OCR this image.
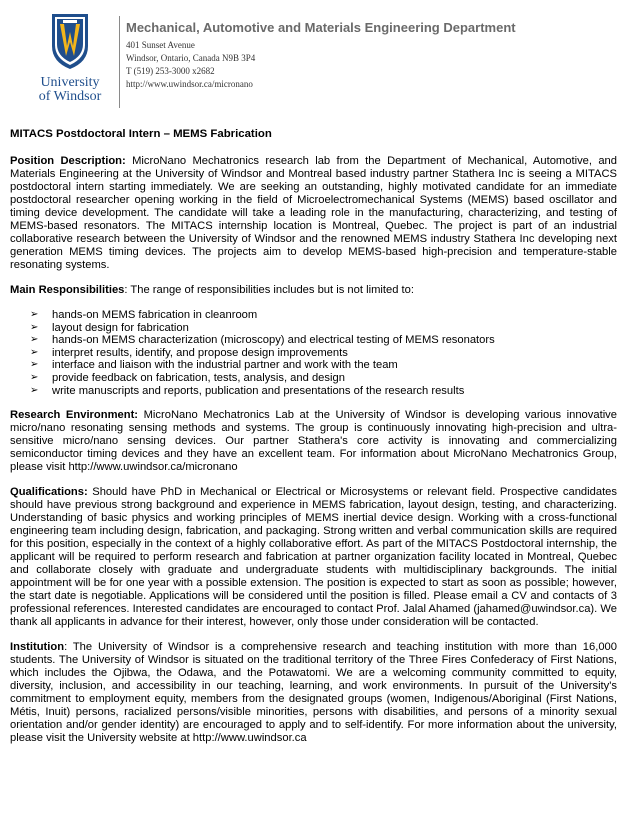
University
of Windsor
Mechanical, Automotive and Materials Engineering Department
401 Sunset Avenue
Windsor, Ontario, Canada N9B 3P4
T (519) 253-3000 x2682
http://www.uwindsor.ca/micronano

MITACS Postdoctoral Intern – MEMS Fabrication

Position Description: MicroNano Mechatronics research lab from the Department of Mechanical, Automotive, and Materials Engineering at the University of Windsor and Montreal based industry partner Stathera Inc is seeing a MITACS postdoctoral intern starting immediately. We are seeking an outstanding, highly motivated candidate for an immediate postdoctoral researcher opening working in the field of Microelectromechanical Systems (MEMS) based oscillator and timing device development. The candidate will take a leading role in the manufacturing, characterizing, and testing of MEMS-based resonators. The MITACS internship location is Montreal, Quebec. The project is part of an industrial collaborative research between the University of Windsor and the renowned MEMS industry Stathera Inc developing next generation MEMS timing devices. The projects aim to develop MEMS-based high-precision and temperature-stable resonating systems.

Main Responsibilities: The range of responsibilities includes but is not limited to:

➢ hands-on MEMS fabrication in cleanroom
➢ layout design for fabrication
➢ hands-on MEMS characterization (microscopy) and electrical testing of MEMS resonators
➢ interpret results, identify, and propose design improvements
➢ interface and liaison with the industrial partner and work with the team
➢ provide feedback on fabrication, tests, analysis, and design
➢ write manuscripts and reports, publication and presentations of the research results

Research Environment: MicroNano Mechatronics Lab at the University of Windsor is developing various innovative micro/nano resonating sensing methods and systems. The group is continuously innovating high-precision and ultra-sensitive micro/nano sensing devices. Our partner Stathera's core activity is innovating and commercializing semiconductor timing devices and they have an excellent team. For information about MicroNano Mechatronics Group, please visit http://www.uwindsor.ca/micronano

Qualifications: Should have PhD in Mechanical or Electrical or Microsystems or relevant field. Prospective candidates should have previous strong background and experience in MEMS fabrication, layout design, testing, and characterizing. Understanding of basic physics and working principles of MEMS inertial device design. Working with a cross-functional engineering team including design, fabrication, and packaging. Strong written and verbal communication skills are required for this position, especially in the context of a highly collaborative effort. As part of the MITACS Postdoctoral internship, the applicant will be required to perform research and fabrication at partner organization facility located in Montreal, Quebec and collaborate closely with graduate and undergraduate students with multidisciplinary backgrounds. The initial appointment will be for one year with a possible extension. The position is expected to start as soon as possible; however, the start date is negotiable. Applications will be considered until the position is filled. Please email a CV and contacts of 3 professional references. Interested candidates are encouraged to contact Prof. Jalal Ahamed (jahamed@uwindsor.ca). We thank all applicants in advance for their interest, however, only those under consideration will be contacted.

Institution: The University of Windsor is a comprehensive research and teaching institution with more than 16,000 students. The University of Windsor is situated on the traditional territory of the Three Fires Confederacy of First Nations, which includes the Ojibwa, the Odawa, and the Potawatomi. We are a welcoming community committed to equity, diversity, inclusion, and accessibility in our teaching, learning, and work environments. In pursuit of the University's commitment to employment equity, members from the designated groups (women, Indigenous/Aboriginal (First Nations, Métis, Inuit) persons, racialized persons/visible minorities, persons with disabilities, and persons of a minority sexual orientation and/or gender identity) are encouraged to apply and to self-identify. For more information about the university, please visit the University website at http://www.uwindsor.ca
